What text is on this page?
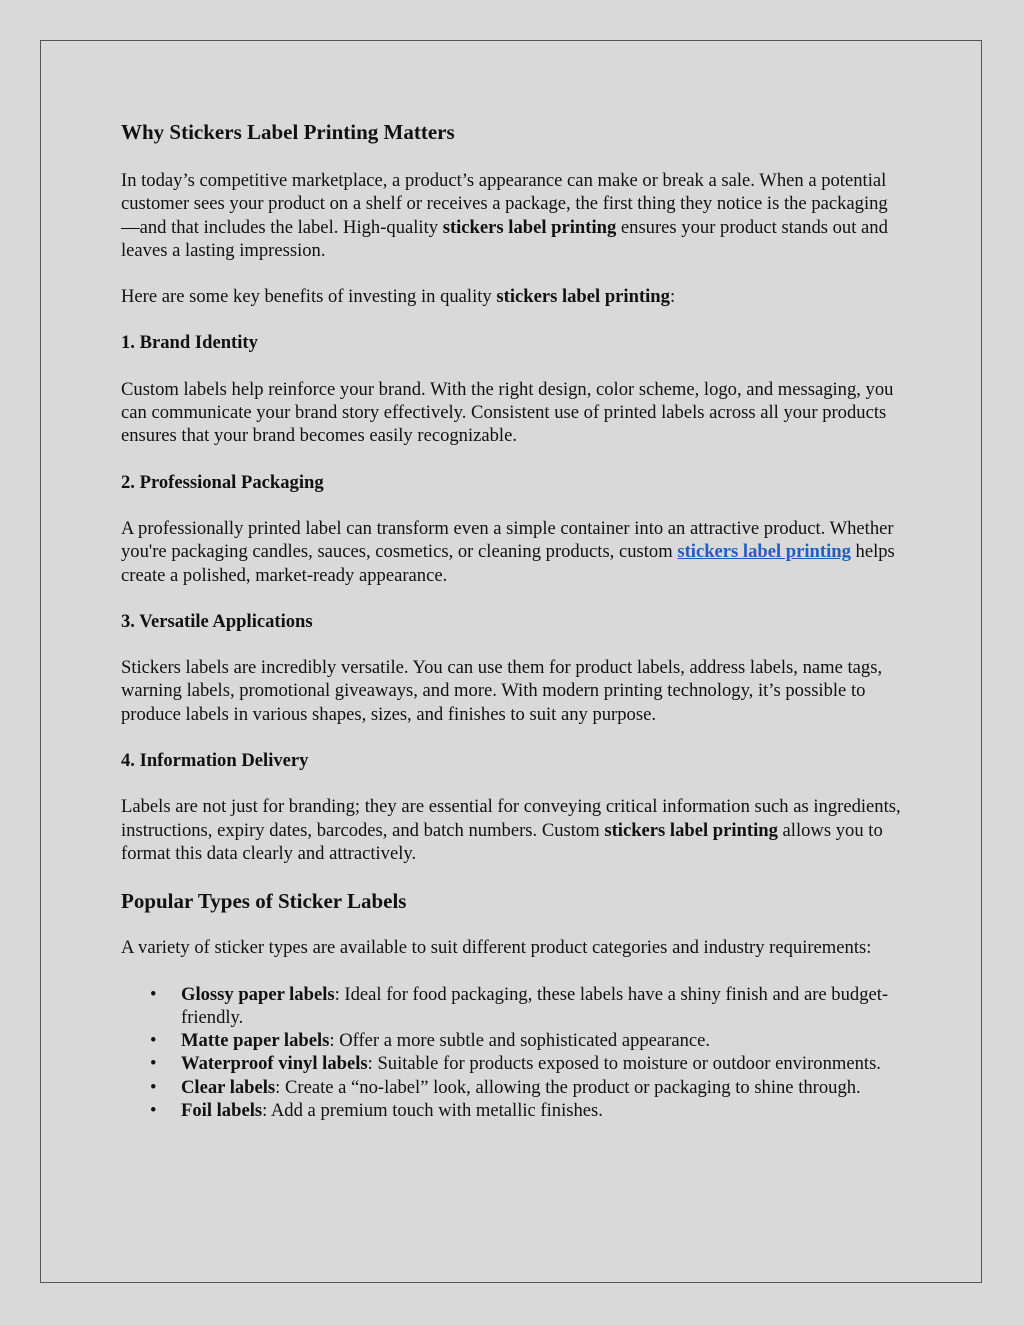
Why Stickers Label Printing Matters

In today’s competitive marketplace, a product’s appearance can make or break a sale. When a potential customer sees your product on a shelf or receives a package, the first thing they notice is the packaging—and that includes the label. High-quality stickers label printing ensures your product stands out and leaves a lasting impression.

Here are some key benefits of investing in quality stickers label printing:

1. Brand Identity

Custom labels help reinforce your brand. With the right design, color scheme, logo, and messaging, you can communicate your brand story effectively. Consistent use of printed labels across all your products ensures that your brand becomes easily recognizable.

2. Professional Packaging

A professionally printed label can transform even a simple container into an attractive product. Whether you're packaging candles, sauces, cosmetics, or cleaning products, custom stickers label printing helps create a polished, market-ready appearance.

3. Versatile Applications

Stickers labels are incredibly versatile. You can use them for product labels, address labels, name tags, warning labels, promotional giveaways, and more. With modern printing technology, it’s possible to produce labels in various shapes, sizes, and finishes to suit any purpose.

4. Information Delivery

Labels are not just for branding; they are essential for conveying critical information such as ingredients, instructions, expiry dates, barcodes, and batch numbers. Custom stickers label printing allows you to format this data clearly and attractively.

Popular Types of Sticker Labels

A variety of sticker types are available to suit different product categories and industry requirements:

• Glossy paper labels: Ideal for food packaging, these labels have a shiny finish and are budget-friendly.
• Matte paper labels: Offer a more subtle and sophisticated appearance.
• Waterproof vinyl labels: Suitable for products exposed to moisture or outdoor environments.
• Clear labels: Create a “no-label” look, allowing the product or packaging to shine through.
• Foil labels: Add a premium touch with metallic finishes.
